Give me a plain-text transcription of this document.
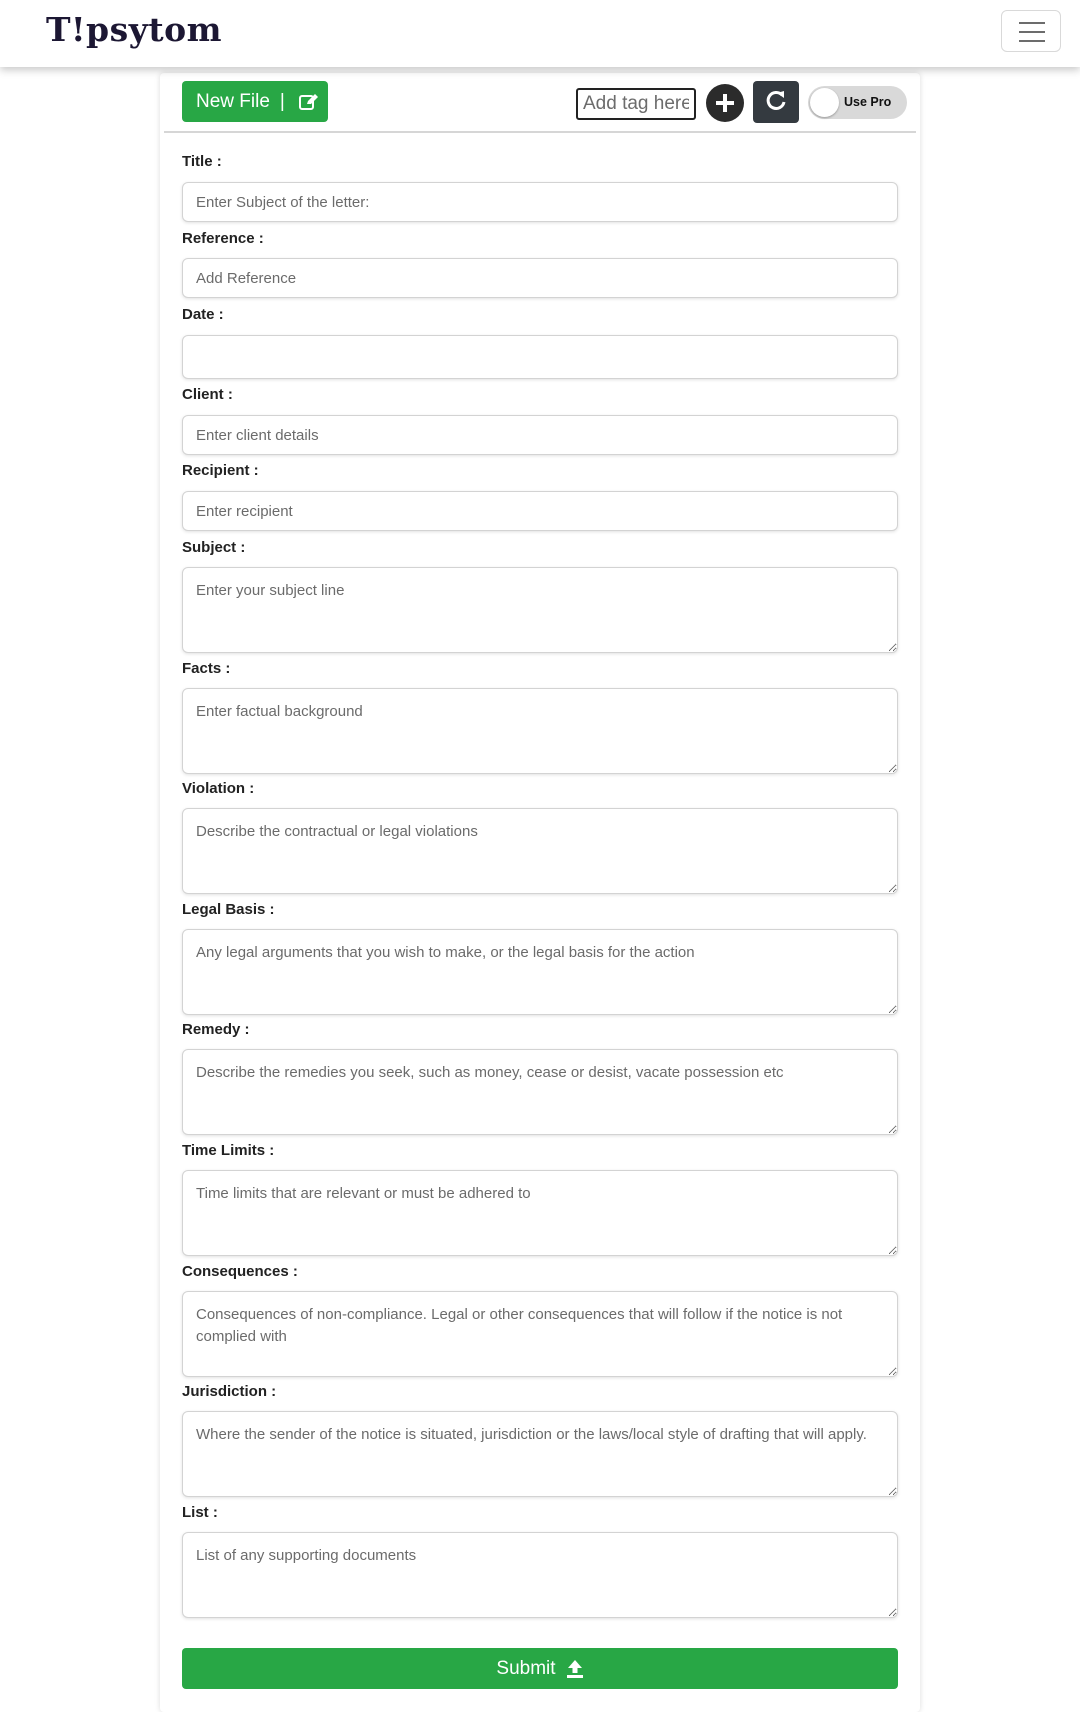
T!psytom
New File |
Add tag here	Use Pro
Title :
Enter Subject of the letter:
Reference :
Add Reference
Date :
Client :
Enter client details
Recipient :
Enter recipient
Subject :
Enter your subject line
Facts :
Enter factual background
Violation :
Describe the contractual or legal violations
Legal Basis :
Any legal arguments that you wish to make, or the legal basis for the action
Remedy :
Describe the remedies you seek, such as money, cease or desist, vacate possession etc
Time Limits :
Time limits that are relevant or must be adhered to
Consequences :
Consequences of non-compliance. Legal or other consequences that will follow if the notice is not complied with
Jurisdiction :
Where the sender of the notice is situated, jurisdiction or the laws/local style of drafting that will apply.
List :
List of any supporting documents
Submit
